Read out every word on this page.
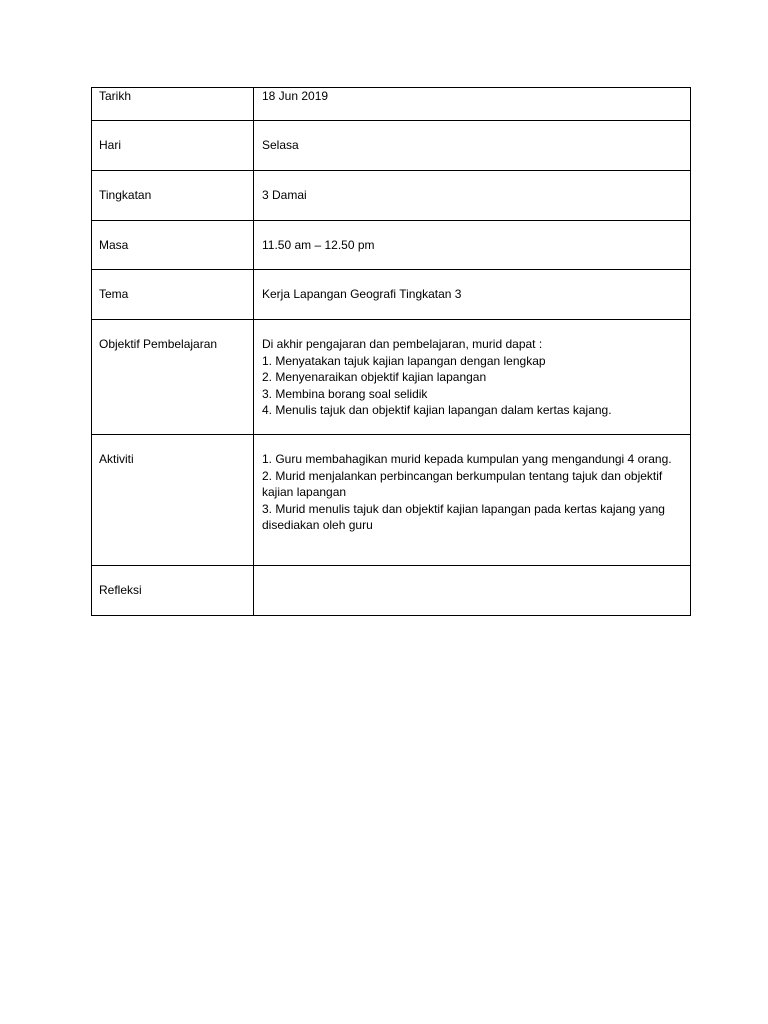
Tarikh	18 Jun 2019
Hari	Selasa
Tingkatan	3 Damai
Masa	11.50 am – 12.50 pm
Tema	Kerja Lapangan Geografi Tingkatan 3
Objektif Pembelajaran	Di akhir pengajaran dan pembelajaran, murid dapat :
1. Menyatakan tajuk kajian lapangan dengan lengkap
2. Menyenaraikan objektif kajian lapangan
3. Membina borang soal selidik
4. Menulis tajuk dan objektif kajian lapangan dalam kertas kajang.

Aktiviti	1. Guru membahagikan murid kepada kumpulan yang mengandungi 4 orang.
2. Murid menjalankan perbincangan berkumpulan tentang tajuk dan objektif kajian lapangan
3. Murid menulis tajuk dan objektif kajian lapangan pada kertas kajang yang disediakan oleh guru

Refleksi	
